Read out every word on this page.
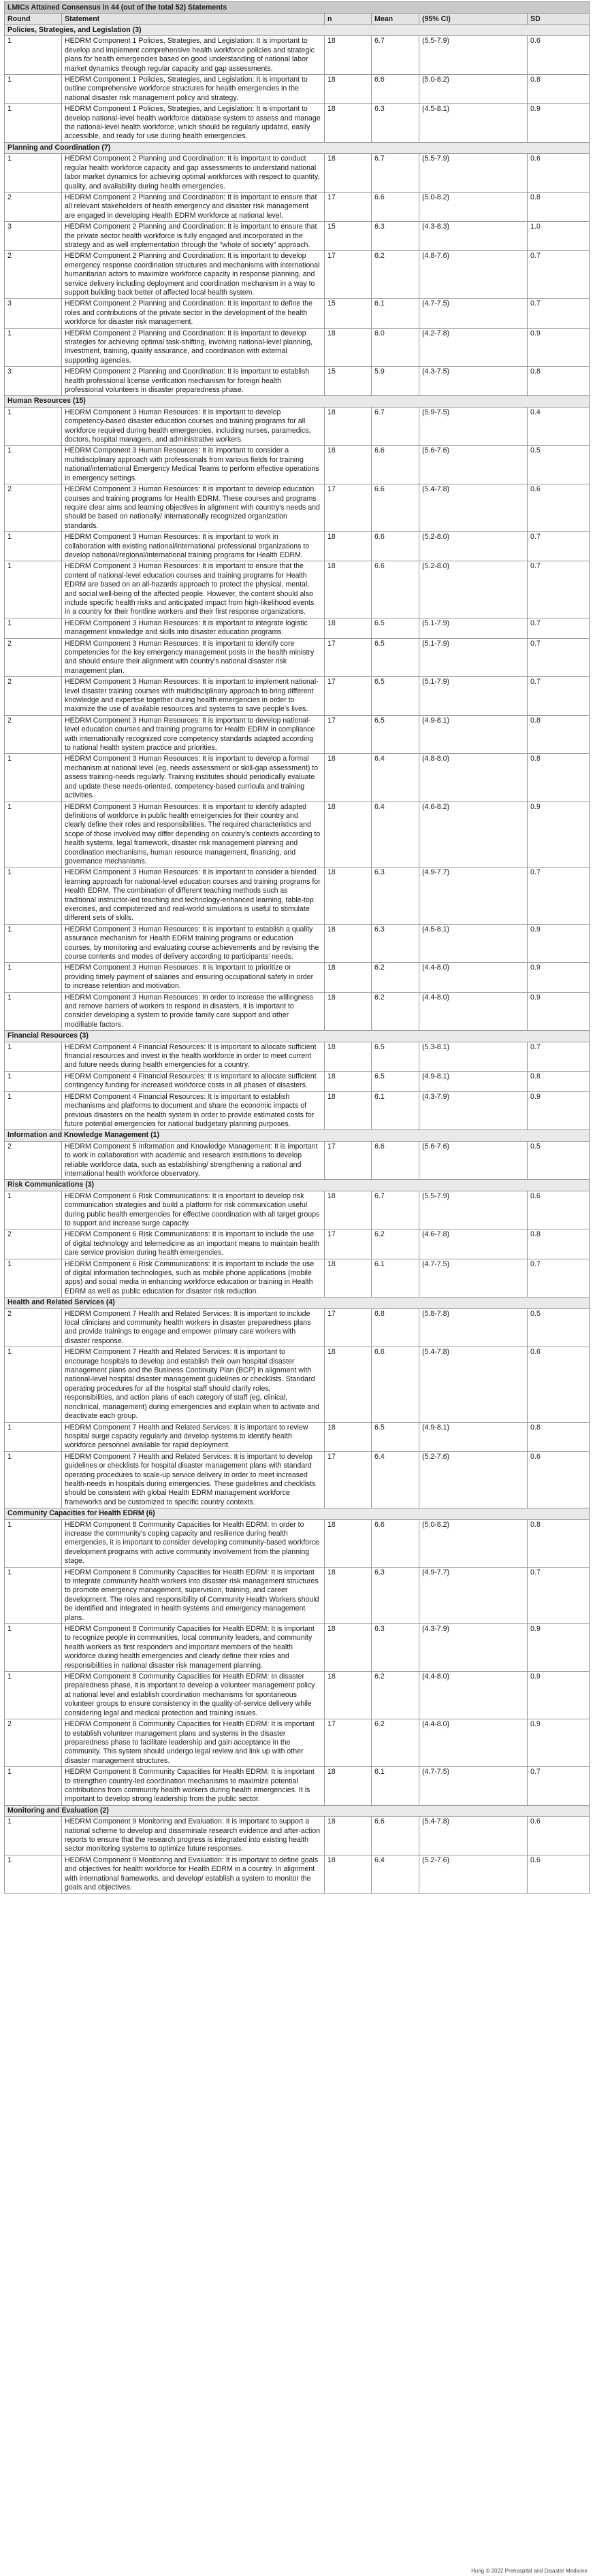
LMICs Attained Consensus in 44 (out of the total 52) Statements					
Round	Statement	n	Mean	(95% CI)	SD
Policies, Strategies, and Legislation (3)					
1	HEDRM Component 1 Policies, Strategies, and Legislation: It is important to develop and implement comprehensive health workforce policies and strategic plans for health emergencies based on good understanding of national labor market dynamics through regular capacity and gap assessments.	18	6.7	(5.5-7.9)	0.6
1	HEDRM Component 1 Policies, Strategies, and Legislation: It is important to outline comprehensive workforce structures for health emergencies in the national disaster risk management policy and strategy.	18	6.6	(5.0-8.2)	0.8
1	HEDRM Component 1 Policies, Strategies, and Legislation: It is important to develop national-level health workforce database system to assess and manage the national-level health workforce, which should be regularly updated, easily accessible, and ready for use during health emergencies.	18	6.3	(4.5-8.1)	0.9
Planning and Coordination (7)					
1	HEDRM Component 2 Planning and Coordination: It is important to conduct regular health workforce capacity and gap assessments to understand national labor market dynamics for achieving optimal workforces with respect to quantity, quality, and availability during health emergencies.	18	6.7	(5.5-7.9)	0.6
2	HEDRM Component 2 Planning and Coordination: It is important to ensure that all relevant stakeholders of health emergency and disaster risk management are engaged in developing Health EDRM workforce at national level.	17	6.6	(5.0-8.2)	0.8
3	HEDRM Component 2 Planning and Coordination: It is important to ensure that the private sector health workforce is fully engaged and incorporated in the strategy and as well implementation through the “whole of society” approach.	15	6.3	(4.3-8.3)	1.0
2	HEDRM Component 2 Planning and Coordination: It is important to develop emergency response coordination structures and mechanisms with international humanitarian actors to maximize workforce capacity in response planning, and service delivery including deployment and coordination mechanism in a way to support building back better of affected local health system.	17	6.2	(4.8-7.6)	0.7
3	HEDRM Component 2 Planning and Coordination: It is important to define the roles and contributions of the private sector in the development of the health workforce for disaster risk management.	15	6.1	(4.7-7.5)	0.7
1	HEDRM Component 2 Planning and Coordination: It is important to develop strategies for achieving optimal task-shifting, involving national-level planning, investment, training, quality assurance, and coordination with external supporting agencies.	18	6.0	(4.2-7.8)	0.9
3	HEDRM Component 2 Planning and Coordination: It is important to establish health professional license verification mechanism for foreign health professional volunteers in disaster preparedness phase.	15	5.9	(4.3-7.5)	0.8
Human Resources (15)					
1	HEDRM Component 3 Human Resources: It is important to develop competency-based disaster education courses and training programs for all workforce required during health emergencies, including nurses, paramedics, doctors, hospital managers, and administrative workers.	18	6.7	(5.9-7.5)	0.4
1	HEDRM Component 3 Human Resources: It is important to consider a multidisciplinary approach with professionals from various fields for training national/international Emergency Medical Teams to perform effective operations in emergency settings.	18	6.6	(5.6-7.6)	0.5
2	HEDRM Component 3 Human Resources: It is important to develop education courses and training programs for Health EDRM. These courses and programs require clear aims and learning objectives in alignment with country’s needs and should be based on nationally/ internationally recognized organization standards.	17	6.6	(5.4-7.8)	0.6
1	HEDRM Component 3 Human Resources: It is important to work in collaboration with existing national/international professional organizations to develop national/regional/international training programs for Health EDRM.	18	6.6	(5.2-8.0)	0.7
1	HEDRM Component 3 Human Resources: It is important to ensure that the content of national-level education courses and training programs for Health EDRM are based on an all-hazards approach to protect the physical, mental, and social well-being of the affected people. However, the content should also include specific health risks and anticipated impact from high-likelihood events in a country for their frontline workers and their first response organizations.	18	6.6	(5.2-8.0)	0.7
1	HEDRM Component 3 Human Resources: It is important to integrate logistic management knowledge and skills into disaster education programs.	18	6.5	(5.1-7.9)	0.7
2	HEDRM Component 3 Human Resources: It is important to identify core competencies for the key emergency management posts in the health ministry and should ensure their alignment with country’s national disaster risk management plan.	17	6.5	(5.1-7.9)	0.7
2	HEDRM Component 3 Human Resources: It is important to implement national-level disaster training courses with multidisciplinary approach to bring different knowledge and expertise together during health emergencies in order to maximize the use of available resources and systems to save people’s lives.	17	6.5	(5.1-7.9)	0.7
2	HEDRM Component 3 Human Resources: It is important to develop national-level education courses and training programs for Health EDRM in compliance with internationally recognized core competency standards adapted according to national health system practice and priorities.	17	6.5	(4.9-8.1)	0.8
1	HEDRM Component 3 Human Resources: It is important to develop a formal mechanism at national level (eg, needs assessment or skill-gap assessment) to assess training-needs regularly. Training institutes should periodically evaluate and update these needs-oriented, competency-based curricula and training activities.	18	6.4	(4.8-8.0)	0.8
1	HEDRM Component 3 Human Resources: It is important to identify adapted definitions of workforce in public health emergencies for their country and clearly define their roles and responsibilities. The required characteristics and scope of those involved may differ depending on country’s contexts according to health systems, legal framework, disaster risk management planning and coordination mechanisms, human resource management, financing, and governance mechanisms.	18	6.4	(4.6-8.2)	0.9
1	HEDRM Component 3 Human Resources: It is important to consider a blended learning approach for national-level education courses and training programs for Health EDRM. The combination of different teaching methods such as traditional instructor-led teaching and technology-enhanced learning, table-top exercises, and computerized and real-world simulations is useful to stimulate different sets of skills.	18	6.3	(4.9-7.7)	0.7
1	HEDRM Component 3 Human Resources: It is important to establish a quality assurance mechanism for Health EDRM training programs or education courses, by monitoring and evaluating course achievements and by revising the course contents and modes of delivery according to participants’ needs.	18	6.3	(4.5-8.1)	0.9
1	HEDRM Component 3 Human Resources: It is important to prioritize or providing timely payment of salaries and ensuring occupational safety in order to increase retention and motivation.	18	6.2	(4.4-8.0)	0.9
1	HEDRM Component 3 Human Resources: In order to increase the willingness and remove barriers of workers to respond in disasters, it is important to consider developing a system to provide family care support and other modifiable factors.	18	6.2	(4.4-8.0)	0.9
Financial Resources (3)					
1	HEDRM Component 4 Financial Resources: It is important to allocate sufficient financial resources and invest in the health workforce in order to meet current and future needs during health emergencies for a country.	18	6.5	(5.3-8.1)	0.7
1	HEDRM Component 4 Financial Resources: It is important to allocate sufficient contingency funding for increased workforce costs in all phases of disasters.	18	6.5	(4.9-8.1)	0.8
1	HEDRM Component 4 Financial Resources: It is important to establish mechanisms and platforms to document and share the economic impacts of previous disasters on the health system in order to provide estimated costs for future potential emergencies for national budgetary planning purposes.	18	6.1	(4.3-7.9)	0.9
Information and Knowledge Management (1)					
2	HEDRM Component 5 Information and Knowledge Management: It is important to work in collaboration with academic and research institutions to develop reliable workforce data, such as establishing/ strengthening a national and international health workforce observatory.	17	6.6	(5.6-7.6)	0.5
Risk Communications (3)					
1	HEDRM Component 6 Risk Communications: It is important to develop risk communication strategies and build a platform for risk communication useful during public health emergencies for effective coordination with all target groups to support and increase surge capacity.	18	6.7	(5.5-7.9)	0.6
2	HEDRM Component 6 Risk Communications: It is important to include the use of digital technology and telemedicine as an important means to maintain health care service provision during health emergencies.	17	6.2	(4.6-7.8)	0.8
1	HEDRM Component 6 Risk Communications: It is important to include the use of digital information technologies, such as mobile phone applications (mobile apps) and social media in enhancing workforce education or training in Health EDRM as well as public education for disaster risk reduction.	18	6.1	(4.7-7.5)	0.7
Health and Related Services (4)					
2	HEDRM Component 7 Health and Related Services: It is important to include local clinicians and community health workers in disaster preparedness plans and provide trainings to engage and empower primary care workers with disaster response.	17	6.8	(5.8-7.8)	0.5
1	HEDRM Component 7 Health and Related Services: It is important to encourage hospitals to develop and establish their own hospital disaster management plans and the Business Continuity Plan (BCP) in alignment with national-level hospital disaster management guidelines or checklists. Standard operating procedures for all the hospital staff should clarify roles, responsibilities, and action plans of each category of staff (eg, clinical, nonclinical, management) during emergencies and explain when to activate and deactivate each group.	18	6.6	(5.4-7.8)	0.6
1	HEDRM Component 7 Health and Related Services: It is important to review hospital surge capacity regularly and develop systems to identify health workforce personnel available for rapid deployment.	18	6.5	(4.9-8.1)	0.8
1	HEDRM Component 7 Health and Related Services: It is important to develop guidelines or checklists for hospital disaster management plans with standard operating procedures to scale-up service delivery in order to meet increased health-needs in hospitals during emergencies. These guidelines and checklists should be consistent with global Health EDRM management workforce frameworks and be customized to specific country contexts.	17	6.4	(5.2-7.6)	0.6
Community Capacities for Health EDRM (6)					
1	HEDRM Component 8 Community Capacities for Health EDRM: In order to increase the community’s coping capacity and resilience during health emergencies, it is important to consider developing community-based workforce development programs with active community involvement from the planning stage.	18	6.6	(5.0-8.2)	0.8
1	HEDRM Component 8 Community Capacities for Health EDRM: It is important to integrate community health workers into disaster risk management structures to promote emergency management, supervision, training, and career development. The roles and responsibility of Community Health Workers should be identified and integrated in health systems and emergency management plans.	18	6.3	(4.9-7.7)	0.7
1	HEDRM Component 8 Community Capacities for Health EDRM: It is important to recognize people in communities, local community leaders, and community health workers as first responders and important members of the health workforce during health emergencies and clearly define their roles and responsibilities in national disaster risk management planning.	18	6.3	(4.3-7.9)	0.9
1	HEDRM Component 8 Community Capacities for Health EDRM: In disaster preparedness phase, it is important to develop a volunteer management policy at national level and establish coordination mechanisms for spontaneous volunteer groups to ensure consistency in the quality-of-service delivery while considering legal and medical protection and training issues.	18	6.2	(4.4-8.0)	0.9
2	HEDRM Component 8 Community Capacities for Health EDRM: It is important to establish volunteer management plans and systems in the disaster preparedness phase to facilitate leadership and gain acceptance in the community. This system should undergo legal review and link up with other disaster management structures.	17	6.2	(4.4-8.0)	0.9
1	HEDRM Component 8 Community Capacities for Health EDRM: It is important to strengthen country-led coordination mechanisms to maximize potential contributions from community health workers during health emergencies. It is important to develop strong leadership from the public sector.	18	6.1	(4.7-7.5)	0.7
Monitoring and Evaluation (2)					
1	HEDRM Component 9 Monitoring and Evaluation: It is important to support a national scheme to develop and disseminate research evidence and after-action reports to ensure that the research progress is integrated into existing health sector monitoring systems to optimize future responses.	18	6.6	(5.4-7.8)	0.6
1	HEDRM Component 9 Monitoring and Evaluation: It is important to define goals and objectives for health workforce for Health EDRM in a country. In alignment with international frameworks, and develop/ establish a system to monitor the goals and objectives.	18	6.4	(5.2-7.6)	0.6
Hung © 2022 Prehospital and Disaster Medicine
